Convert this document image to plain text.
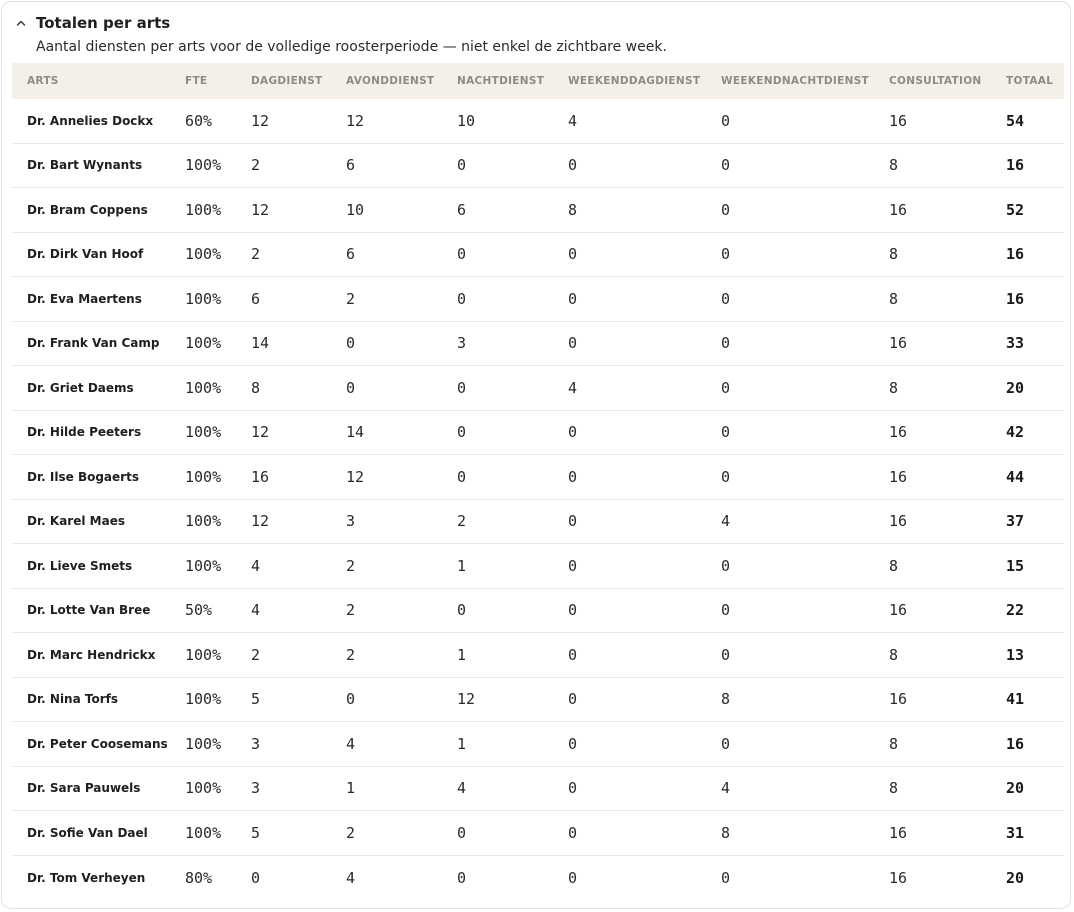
Totalen per arts
Aantal diensten per arts voor de volledige roosterperiode — niet enkel de zichtbare week.
ARTS	FTE	DAGDIENST AVONDDIENST NACHTDIENST WEEKENDDAGDIENST WEEKENDNACHTDIENST CONSULTATION TOTAAL
Dr. Annelies Dockx 60%	12	12	10	4	0	16	54
Dr. Bart Wynants	100% 2	6	0	0	0	8	16
Dr. Bram Coppens 100% 12	10	6	8	0	16	52
Dr. Dirk Van Hoof	100% 2	6	0	0	0	8	16
Dr. Eva Maertens	100% 6	2	0	0	0	8	16
Dr. Frank Van Camp 100% 14	0	3	0	0	16	33
Dr. Griet Daems	100% 8	0	0	4	0	8	20
Dr. Hilde Peeters	100% 12	14	0	0	0	16	42
Dr. Ilse Bogaerts	100% 16	12	0	0	0	16	44
Dr. Karel Maes	100% 12	3	2	0	4	16	37
Dr. Lieve Smets	100% 4	2	1	0	0	8	15
Dr. Lotte Van Bree 50%	4	2	0	0	0	16	22
Dr. Marc Hendrickx 100% 2	2	1	0	0	8	13
Dr. Nina Torfs	100% 5	0	12	0	8	16	41
Dr. Peter Coosemans 100% 3	4	1	0	0	8	16
Dr. Sara Pauwels	100% 3	1	4	0	4	8	20
Dr. Sofie Van Dael 100% 5	2	0	0	8	16	31
Dr. Tom Verheyen	80%	0	4	0	0	0	16	20
